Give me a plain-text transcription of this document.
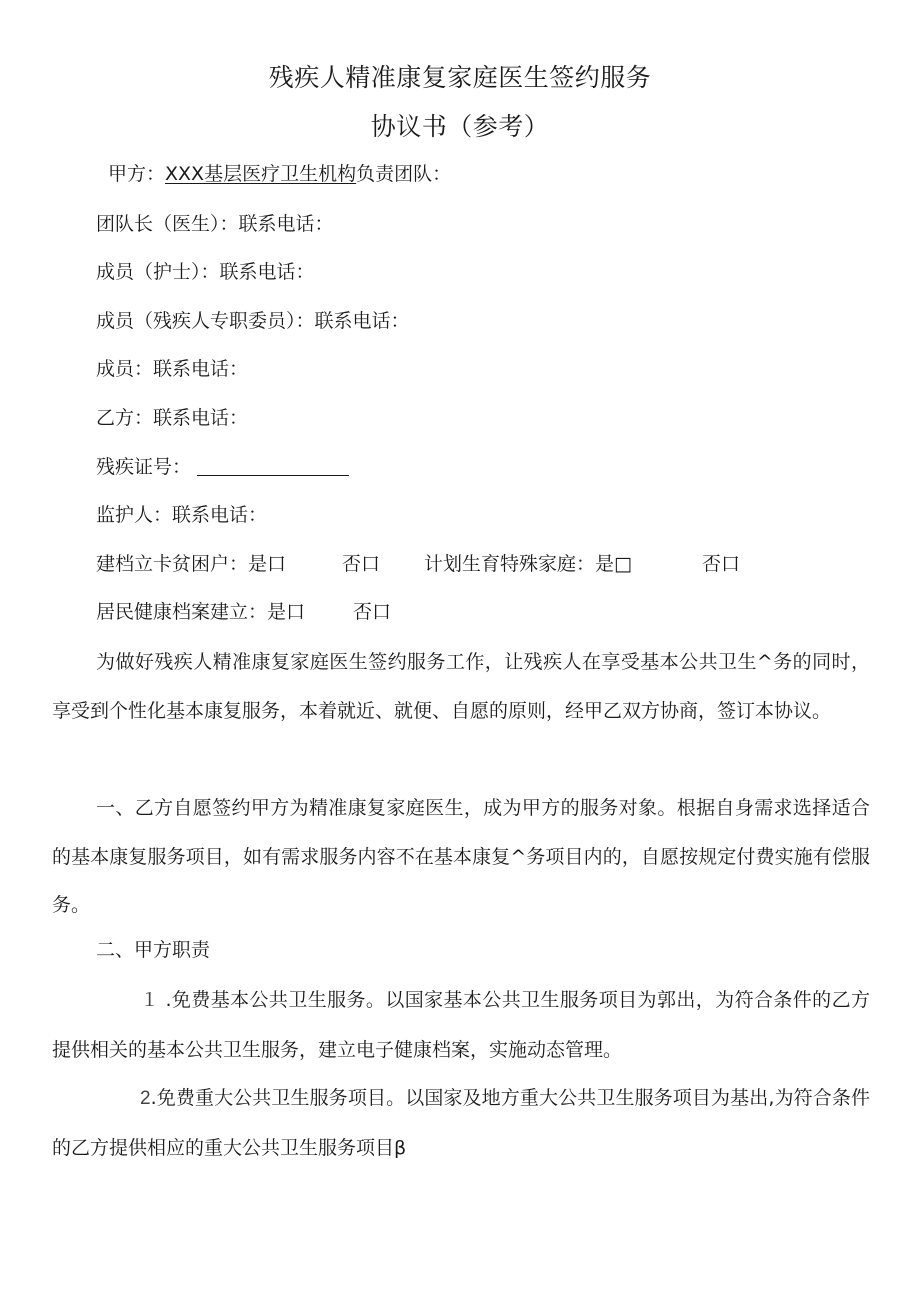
残疾人精准康复家庭医生签约服务
协议书（参考）
甲方：XXX基层医疗卫生机构负责团队：
团队长（医生）：联系电话：
成员（护士）：联系电话：
成员（残疾人专职委员）：联系电话：
成员：联系电话：
乙方：联系电话：
残疾证号：
监护人：联系电话：
建档立卡贫困户：是口	否口 计划生育特殊家庭：是□	否口
居民健康档案建立：是口	否口

为做好残疾人精准康复家庭医生签约服务工作，让残疾人在享受基本公共卫生^务的同时，享受到个性化基本康复服务，本着就近、就便、自愿的原则，经甲乙双方协商，签订本协议。

一、乙方自愿签约甲方为精准康复家庭医生，成为甲方的服务对象。根据自身需求选择适合的基本康复服务项目，如有需求服务内容不在基本康复^务项目内的，自愿按规定付费实施有偿服务。

二、甲方职责

１ .免费基本公共卫生服务。以国家基本公共卫生服务项目为郭出，为符合条件的乙方提供相关的基本公共卫生服务，建立电子健康档案，实施动态管理。

2.免费重大公共卫生服务项目。以国家及地方重大公共卫生服务项目为基出,为符合条件的乙方提供相应的重大公共卫生服务项目β
